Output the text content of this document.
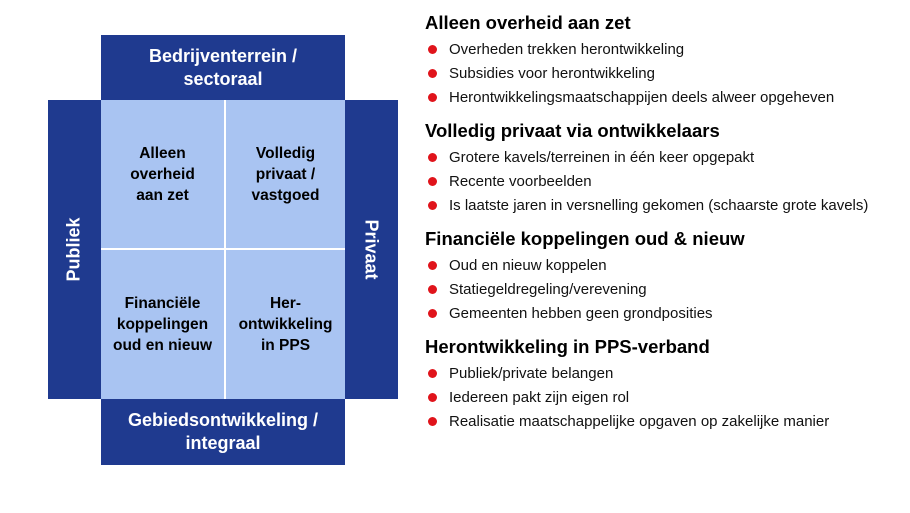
Bedrijventerrein / sectoraal
Publiek
Alleen overheid aan zet
Volledig privaat / vastgoed
Financiële koppelingen oud en nieuw
Her-ontwikkeling in PPS
Privaat
Gebiedsontwikkeling / integraal
Alleen overheid aan zet
Overheden trekken herontwikkeling
Subsidies voor herontwikkeling
Herontwikkelingsmaatschappijen deels alweer opgeheven
Volledig privaat via ontwikkelaars
Grotere kavels/terreinen in één keer opgepakt
Recente voorbeelden
Is laatste jaren in versnelling gekomen (schaarste grote kavels)
Financiële koppelingen oud & nieuw
Oud en nieuw koppelen
Statiegeldregeling/verevening
Gemeenten hebben geen grondposities
Herontwikkeling in PPS-verband
Publiek/private belangen
Iedereen pakt zijn eigen rol
Realisatie maatschappelijke opgaven op zakelijke manier
